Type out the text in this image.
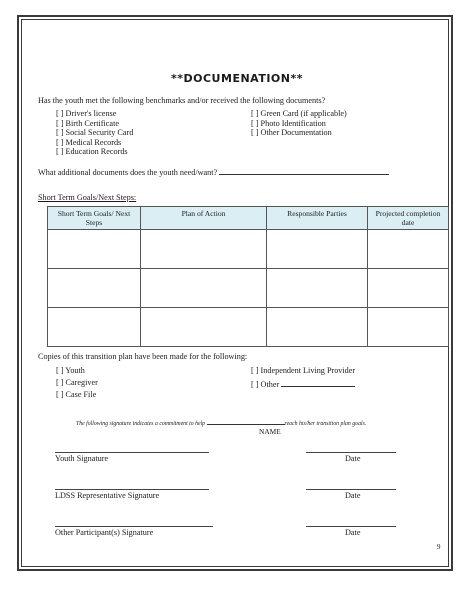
**DOCUMENATION**
Has the youth met the following benchmarks and/or received the following documents?
[ ] Driver's license
[ ] Birth Certificate
[ ] Social Security Card
[ ] Medical Records
[ ] Education Records
[ ] Green Card (if applicable)
[ ] Photo Identification
[ ] Other Documentation
What additional documents does the youth need/want?
Short Term Goals/Next Steps:
Short Term Goals/ Next Steps	Plan of Action	Responsible Parties	Projected completion date

Copies of this transition plan have been made for the following:
[ ] Youth
[ ] Caregiver
[ ] Case File
[ ] Independent Living Provider
[ ] Other
The following signature indicates a commitment to help	reach his/her transition plan goals.
NAME
Youth Signature	Date
LDSS Representative Signature	Date
Other Participant(s) Signature	Date
9
